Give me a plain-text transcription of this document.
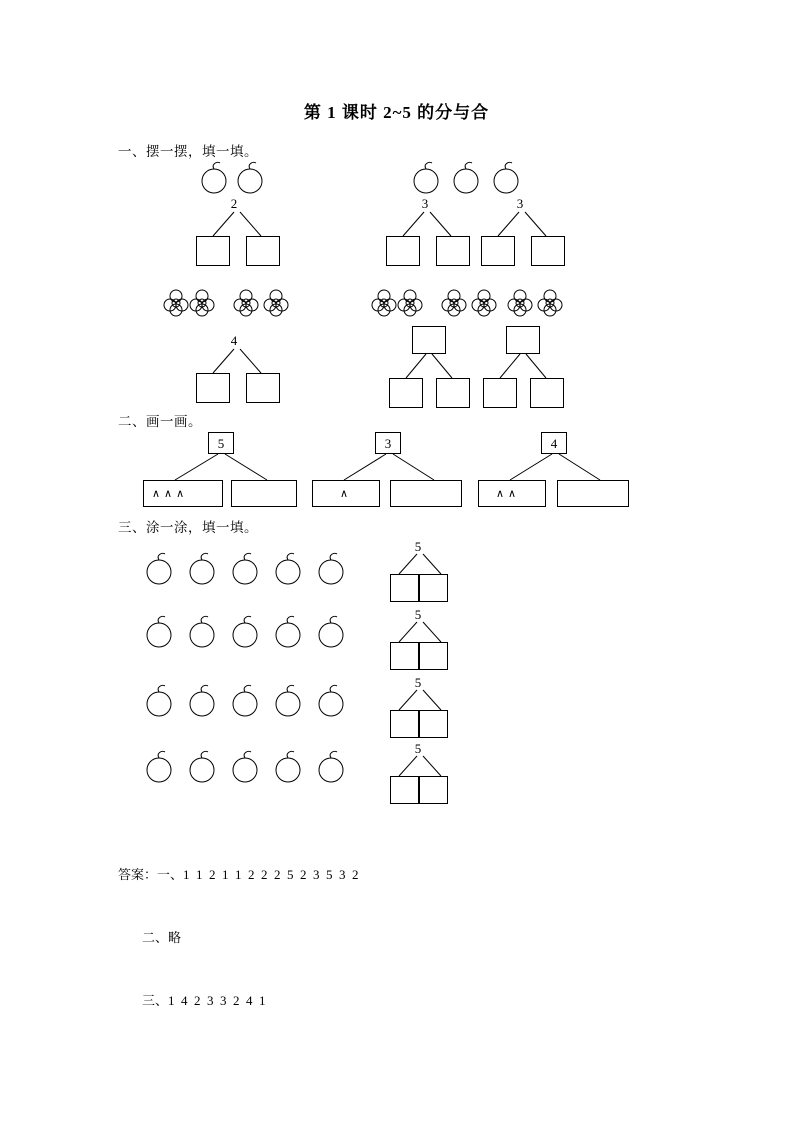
第 1 课时 2~5 的分与合
一、摆一摆，填一填。
二、画一画。
三、涂一涂，填一填。
2	3	3
4
5
∧∧∧
3
∧
4
∧∧
5
5
5
5

答案：一、1  1  2  1  1  2  2  2  5  2  3  5  3  2

二、略

三、1  4  2  3  3  2  4  1
